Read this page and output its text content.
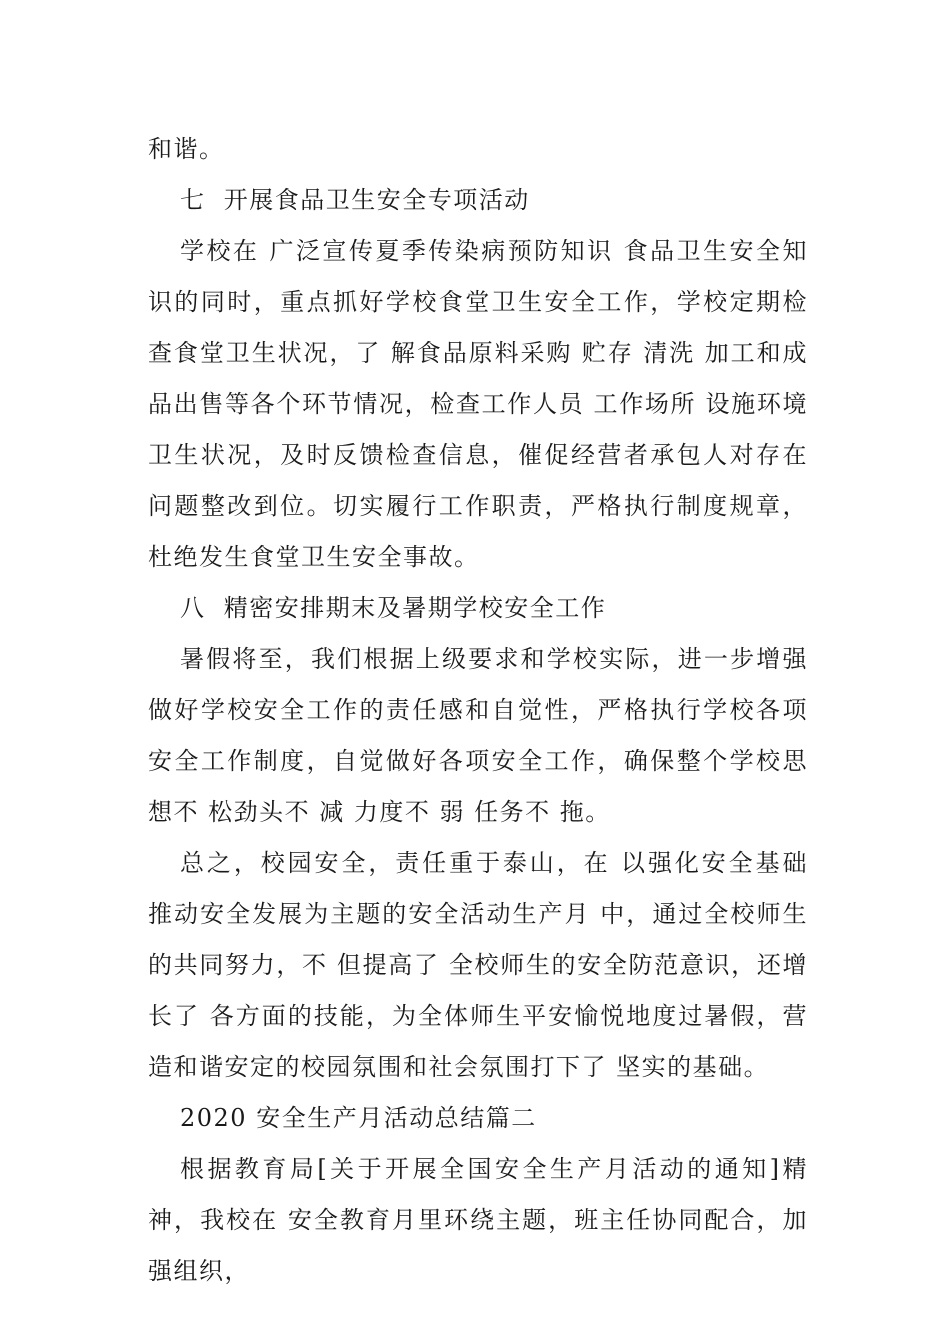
和谐。

七  开展食品卫生安全专项活动

学校在 广泛宣传夏季传染病预防知识 食品卫生安全知识的同时，重点抓好学校食堂卫生安全工作，学校定期检查食堂卫生状况，了 解食品原料采购 贮存 清洗 加工和成品出售等各个环节情况，检查工作人员 工作场所 设施环境卫生状况，及时反馈检查信息，催促经营者承包人对存在 问题整改到位。切实履行工作职责，严格执行制度规章，杜绝发生食堂卫生安全事故。

八  精密安排期末及暑期学校安全工作

暑假将至，我们根据上级要求和学校实际，进一步增强做好学校安全工作的责任感和自觉性，严格执行学校各项安全工作制度，自觉做好各项安全工作，确保整个学校思想不 松劲头不 减 力度不 弱 任务不 拖。

总之，校园安全，责任重于泰山，在 以强化安全基础 推动安全发展为主题的安全活动生产月 中，通过全校师生的共同努力，不 但提高了 全校师生的安全防范意识，还增长了 各方面的技能，为全体师生平安愉悦地度过暑假，营造和谐安定的校园氛围和社会氛围打下了 坚实的基础。

2020 安全生产月活动总结篇二

根据教育局[关于开展全国安全生产月活动的通知]精神，我校在 安全教育月里环绕主题，班主任协同配合，加强组织，
